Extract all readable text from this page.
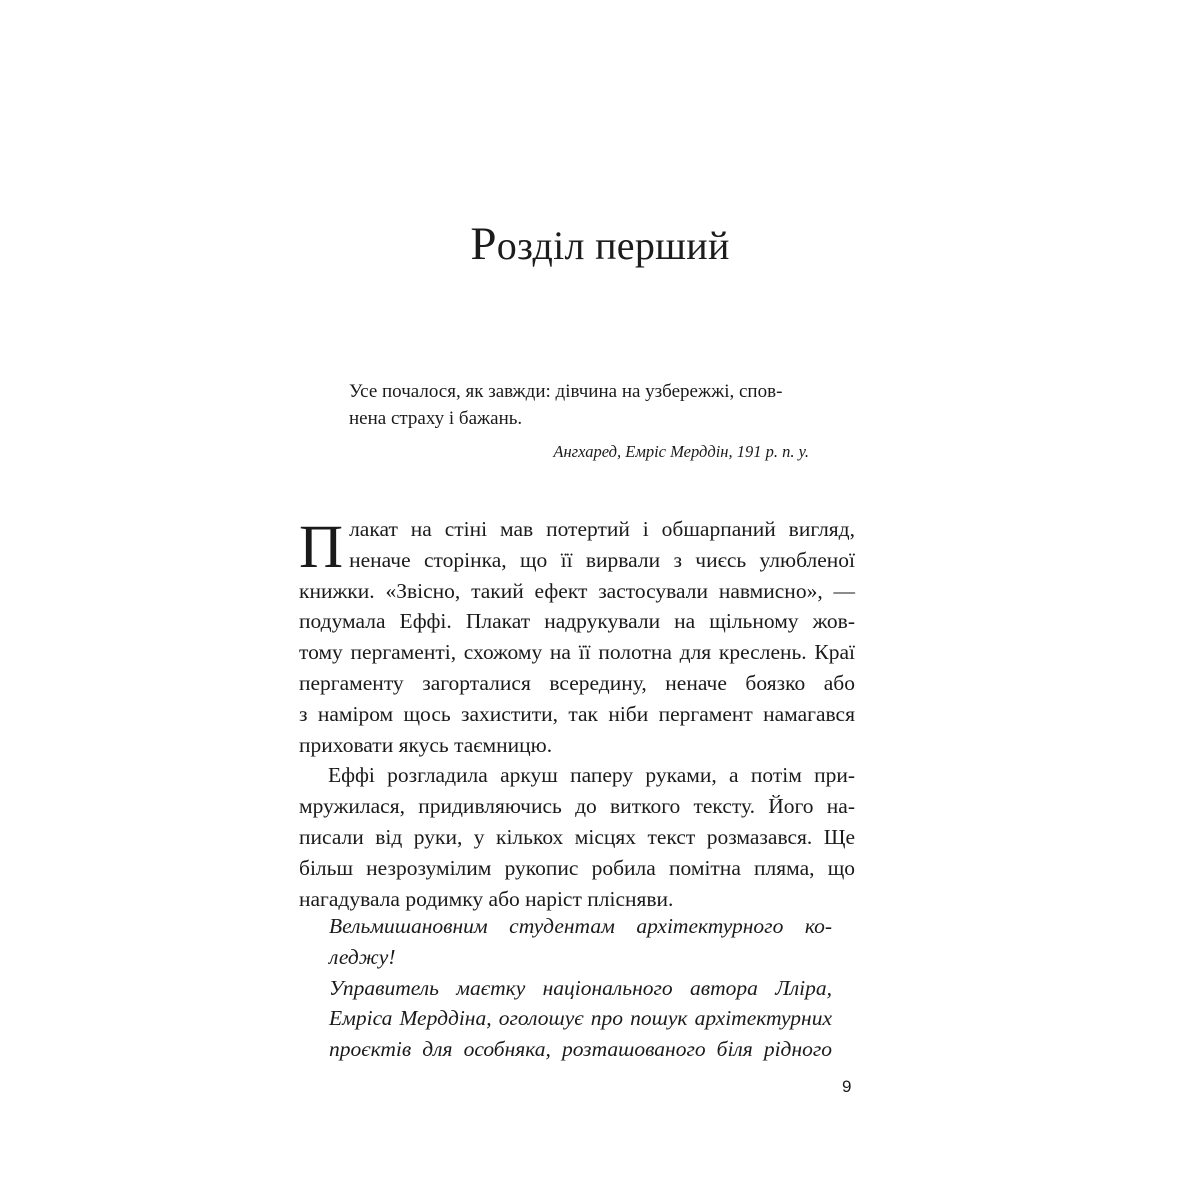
Розділ перший
Усе почалося, як завжди: дівчина на узбережжі, спов-
нена страху і бажань.
Ангхаред, Емріс Мерддін, 191 р. п. у.
П лакат на стіні мав потертий і обшарпаний вигляд,
неначе сторінка, що її вирвали з чиєсь улюбленої
книжки. «Звісно, такий ефект застосували навмисно», —
подумала Еффі. Плакат надрукували на щільному жов-
тому пергаменті, схожому на її полотна для креслень. Краї
пергаменту загорталися всередину, неначе боязко або
з наміром щось захистити, так ніби пергамент намагався
приховати якусь таємницю.
Еффі розгладила аркуш паперу руками, а потім при-
мружилася, придивляючись до виткого тексту. Його на-
писали від руки, у кількох місцях текст розмазався. Ще
більш незрозумілим рукопис робила помітна пляма, що
нагадувала родимку або наріст плісняви.
Вельмишановним студентам архітектурного ко-
леджу!
Управитель маєтку національного автора Лліра,
Емріса Мерддіна, оголошує про пошук архітектурних
проєктів для особняка, розташованого біля рідного
9
